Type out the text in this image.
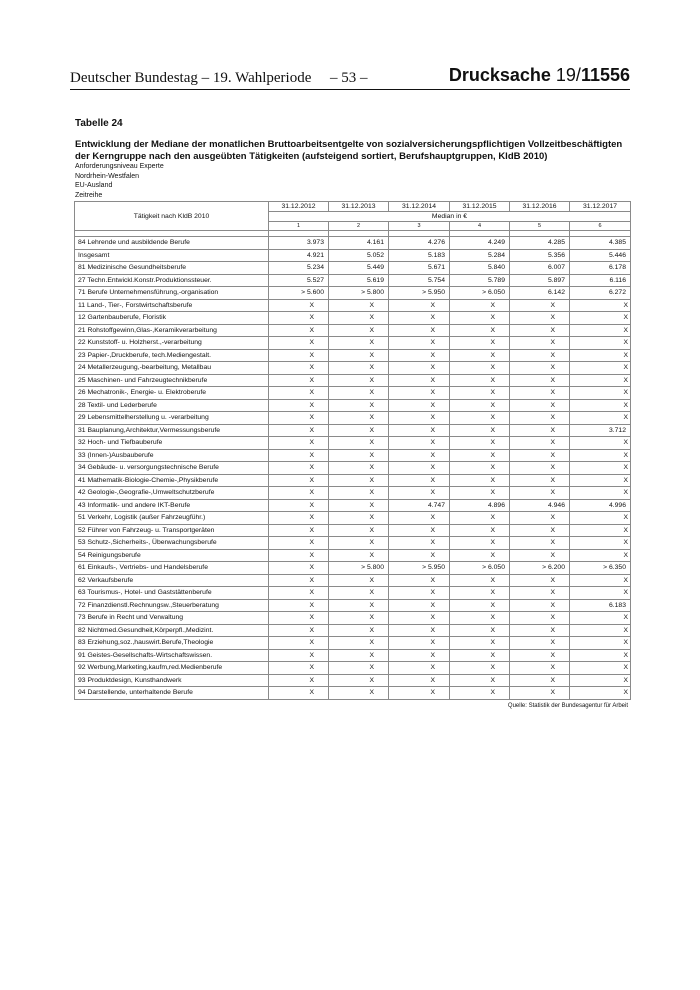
Deutscher Bundestag – 19. Wahlperiode – 53 –	Drucksache 19/11556
Tabelle 24
Entwicklung der Mediane der monatlichen Bruttoarbeitsentgelte von sozialversicherungspflichtigen Vollzeitbeschäftigten der Kerngruppe nach den ausgeübten Tätigkeiten (aufsteigend sortiert, Berufshauptgruppen, KldB 2010)
Anforderungsniveau Experte
Nordrhein-Westfalen
EU-Ausland
Zeitreihe
Tätigkeit nach KldB 2010	31.12.2012	31.12.2013	31.12.2014	31.12.2015	31.12.2016	31.12.2017
	Median in €					
	1	2	3	4	5	6

84 Lehrende und ausbildende Berufe	3.973	4.161	4.276	4.249	4.285	4.385
Insgesamt	4.921	5.052	5.183	5.284	5.356	5.446
81 Medizinische Gesundheitsberufe	5.234	5.449	5.671	5.840	6.007	6.178
27 Techn.Entwickl.Konstr.Produktionssteuer.	5.527	5.619	5.754	5.789	5.897	6.116
71 Berufe Unternehmensführung,-organisation	> 5.600	> 5.800	> 5.950	> 6.050	6.142	6.272
11 Land-, Tier-, Forstwirtschaftsberufe	X	X	X	X	X	X
12 Gartenbauberufe, Floristik	X	X	X	X	X	X
21 Rohstoffgewinn,Glas-,Keramikverarbeitung	X	X	X	X	X	X
22 Kunststoff- u. Holzherst.,-verarbeitung	X	X	X	X	X	X
23 Papier-,Druckberufe, tech.Mediengestalt.	X	X	X	X	X	X
24 Metallerzeugung,-bearbeitung, Metallbau	X	X	X	X	X	X
25 Maschinen- und Fahrzeugtechnikberufe	X	X	X	X	X	X
26 Mechatronik-, Energie- u. Elektroberufe	X	X	X	X	X	X
28 Textil- und Lederberufe	X	X	X	X	X	X
29 Lebensmittelherstellung u. -verarbeitung	X	X	X	X	X	X
31 Bauplanung,Architektur,Vermessungsberufe	X	X	X	X	X	3.712
32 Hoch- und Tiefbauberufe	X	X	X	X	X	X
33 (Innen-)Ausbauberufe	X	X	X	X	X	X
34 Gebäude- u. versorgungstechnische Berufe	X	X	X	X	X	X
41 Mathematik-Biologie-Chemie-,Physikberufe	X	X	X	X	X	X
42 Geologie-,Geografie-,Umweltschutzberufe	X	X	X	X	X	X
43 Informatik- und andere IKT-Berufe	X	X	4.747	4.896	4.946	4.996
51 Verkehr, Logistik (außer Fahrzeugführ.)	X	X	X	X	X	X
52 Führer von Fahrzeug- u. Transportgeräten	X	X	X	X	X	X
53 Schutz-,Sicherheits-, Überwachungsberufe	X	X	X	X	X	X
54 Reinigungsberufe	X	X	X	X	X	X
61 Einkaufs-, Vertriebs- und Handelsberufe	X	> 5.800	> 5.950	> 6.050	> 6.200	> 6.350
62 Verkaufsberufe	X	X	X	X	X	X
63 Tourismus-, Hotel- und Gaststättenberufe	X	X	X	X	X	X
72 Finanzdienstl.Rechnungsw.,Steuerberatung	X	X	X	X	X	6.183
73 Berufe in Recht und Verwaltung	X	X	X	X	X	X
82 Nichtmed.Gesundheit,Körperpfl.,Medizint.	X	X	X	X	X	X
83 Erziehung,soz.,hauswirt.Berufe,Theologie	X	X	X	X	X	X
91 Geistes-Gesellschafts-Wirtschaftswissen.	X	X	X	X	X	X
92 Werbung,Marketing,kaufm,red.Medienberufe	X	X	X	X	X	X
93 Produktdesign, Kunsthandwerk	X	X	X	X	X	X
94 Darstellende, unterhaltende Berufe	X	X	X	X	X	X
Quelle: Statistik der Bundesagentur für Arbeit
